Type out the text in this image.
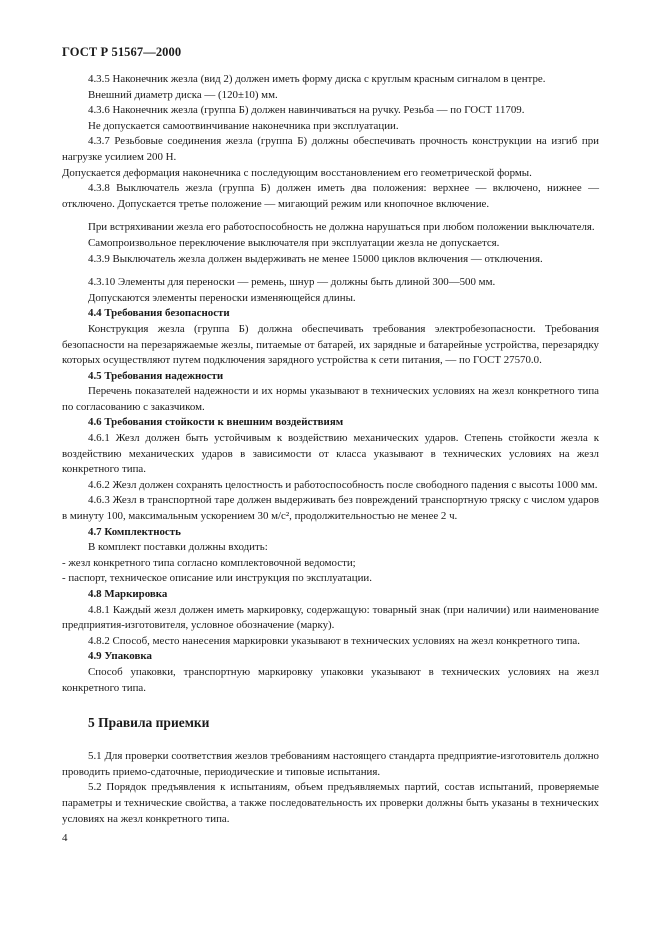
ГОСТ Р 51567—2000

4.3.5 Наконечник жезла (вид 2) должен иметь форму диска с круглым красным сигналом в центре.

Внешний диаметр диска — (120±10) мм.

4.3.6 Наконечник жезла (группа Б) должен навинчиваться на ручку. Резьба — по ГОСТ 11709.

Не допускается самоотвинчивание наконечника при эксплуатации.

4.3.7 Резьбовые соединения жезла (группа Б) должны обеспечивать прочность конструкции на изгиб при нагрузке усилием 200 Н.

Допускается деформация наконечника с последующим восстановлением его геометрической формы.

4.3.8 Выключатель жезла (группа Б) должен иметь два положения: верхнее — включено, нижнее — отключено. Допускается третье положение — мигающий режим или кнопочное включение.

При встряхивании жезла его работоспособность не должна нарушаться при любом положении выключателя.

Самопроизвольное переключение выключателя при эксплуатации жезла не допускается.

4.3.9 Выключатель жезла должен выдерживать не менее 15000 циклов включения — отключения.

4.3.10 Элементы для переноски — ремень, шнур — должны быть длиной 300—500 мм.

Допускаются элементы переноски изменяющейся длины.

4.4 Требования безопасности

Конструкция жезла (группа Б) должна обеспечивать требования электробезопасности. Требования безопасности на перезаряжаемые жезлы, питаемые от батарей, их зарядные и батарейные устройства, перезарядку которых осуществляют путем подключения зарядного устройства к сети питания, — по ГОСТ 27570.0.

4.5 Требования надежности

Перечень показателей надежности и их нормы указывают в технических условиях на жезл конкретного типа по согласованию с заказчиком.

4.6 Требования стойкости к внешним воздействиям

4.6.1 Жезл должен быть устойчивым к воздействию механических ударов. Степень стойкости жезла к воздействию механических ударов в зависимости от класса указывают в технических условиях на жезл конкретного типа.

4.6.2 Жезл должен сохранять целостность и работоспособность после свободного падения с высоты 1000 мм.

4.6.3 Жезл в транспортной таре должен выдерживать без повреждений транспортную тряску с числом ударов в минуту 100, максимальным ускорением 30 м/с², продолжительностью не менее 2 ч.

4.7 Комплектность

В комплект поставки должны входить:

- жезл конкретного типа согласно комплектовочной ведомости;

- паспорт, техническое описание или инструкция по эксплуатации.

4.8 Маркировка

4.8.1 Каждый жезл должен иметь маркировку, содержащую: товарный знак (при наличии) или наименование предприятия-изготовителя, условное обозначение (марку).

4.8.2 Способ, место нанесения маркировки указывают в технических условиях на жезл конкретного типа.

4.9 Упаковка

Способ упаковки, транспортную маркировку упаковки указывают в технических условиях на жезл конкретного типа.

5 Правила приемки

5.1 Для проверки соответствия жезлов требованиям настоящего стандарта предприятие-изготовитель должно проводить приемо-сдаточные, периодические и типовые испытания.

5.2 Порядок предъявления к испытаниям, объем предъявляемых партий, состав испытаний, проверяемые параметры и технические свойства, а также последовательность их проверки должны быть указаны в технических условиях на жезл конкретного типа.

4
